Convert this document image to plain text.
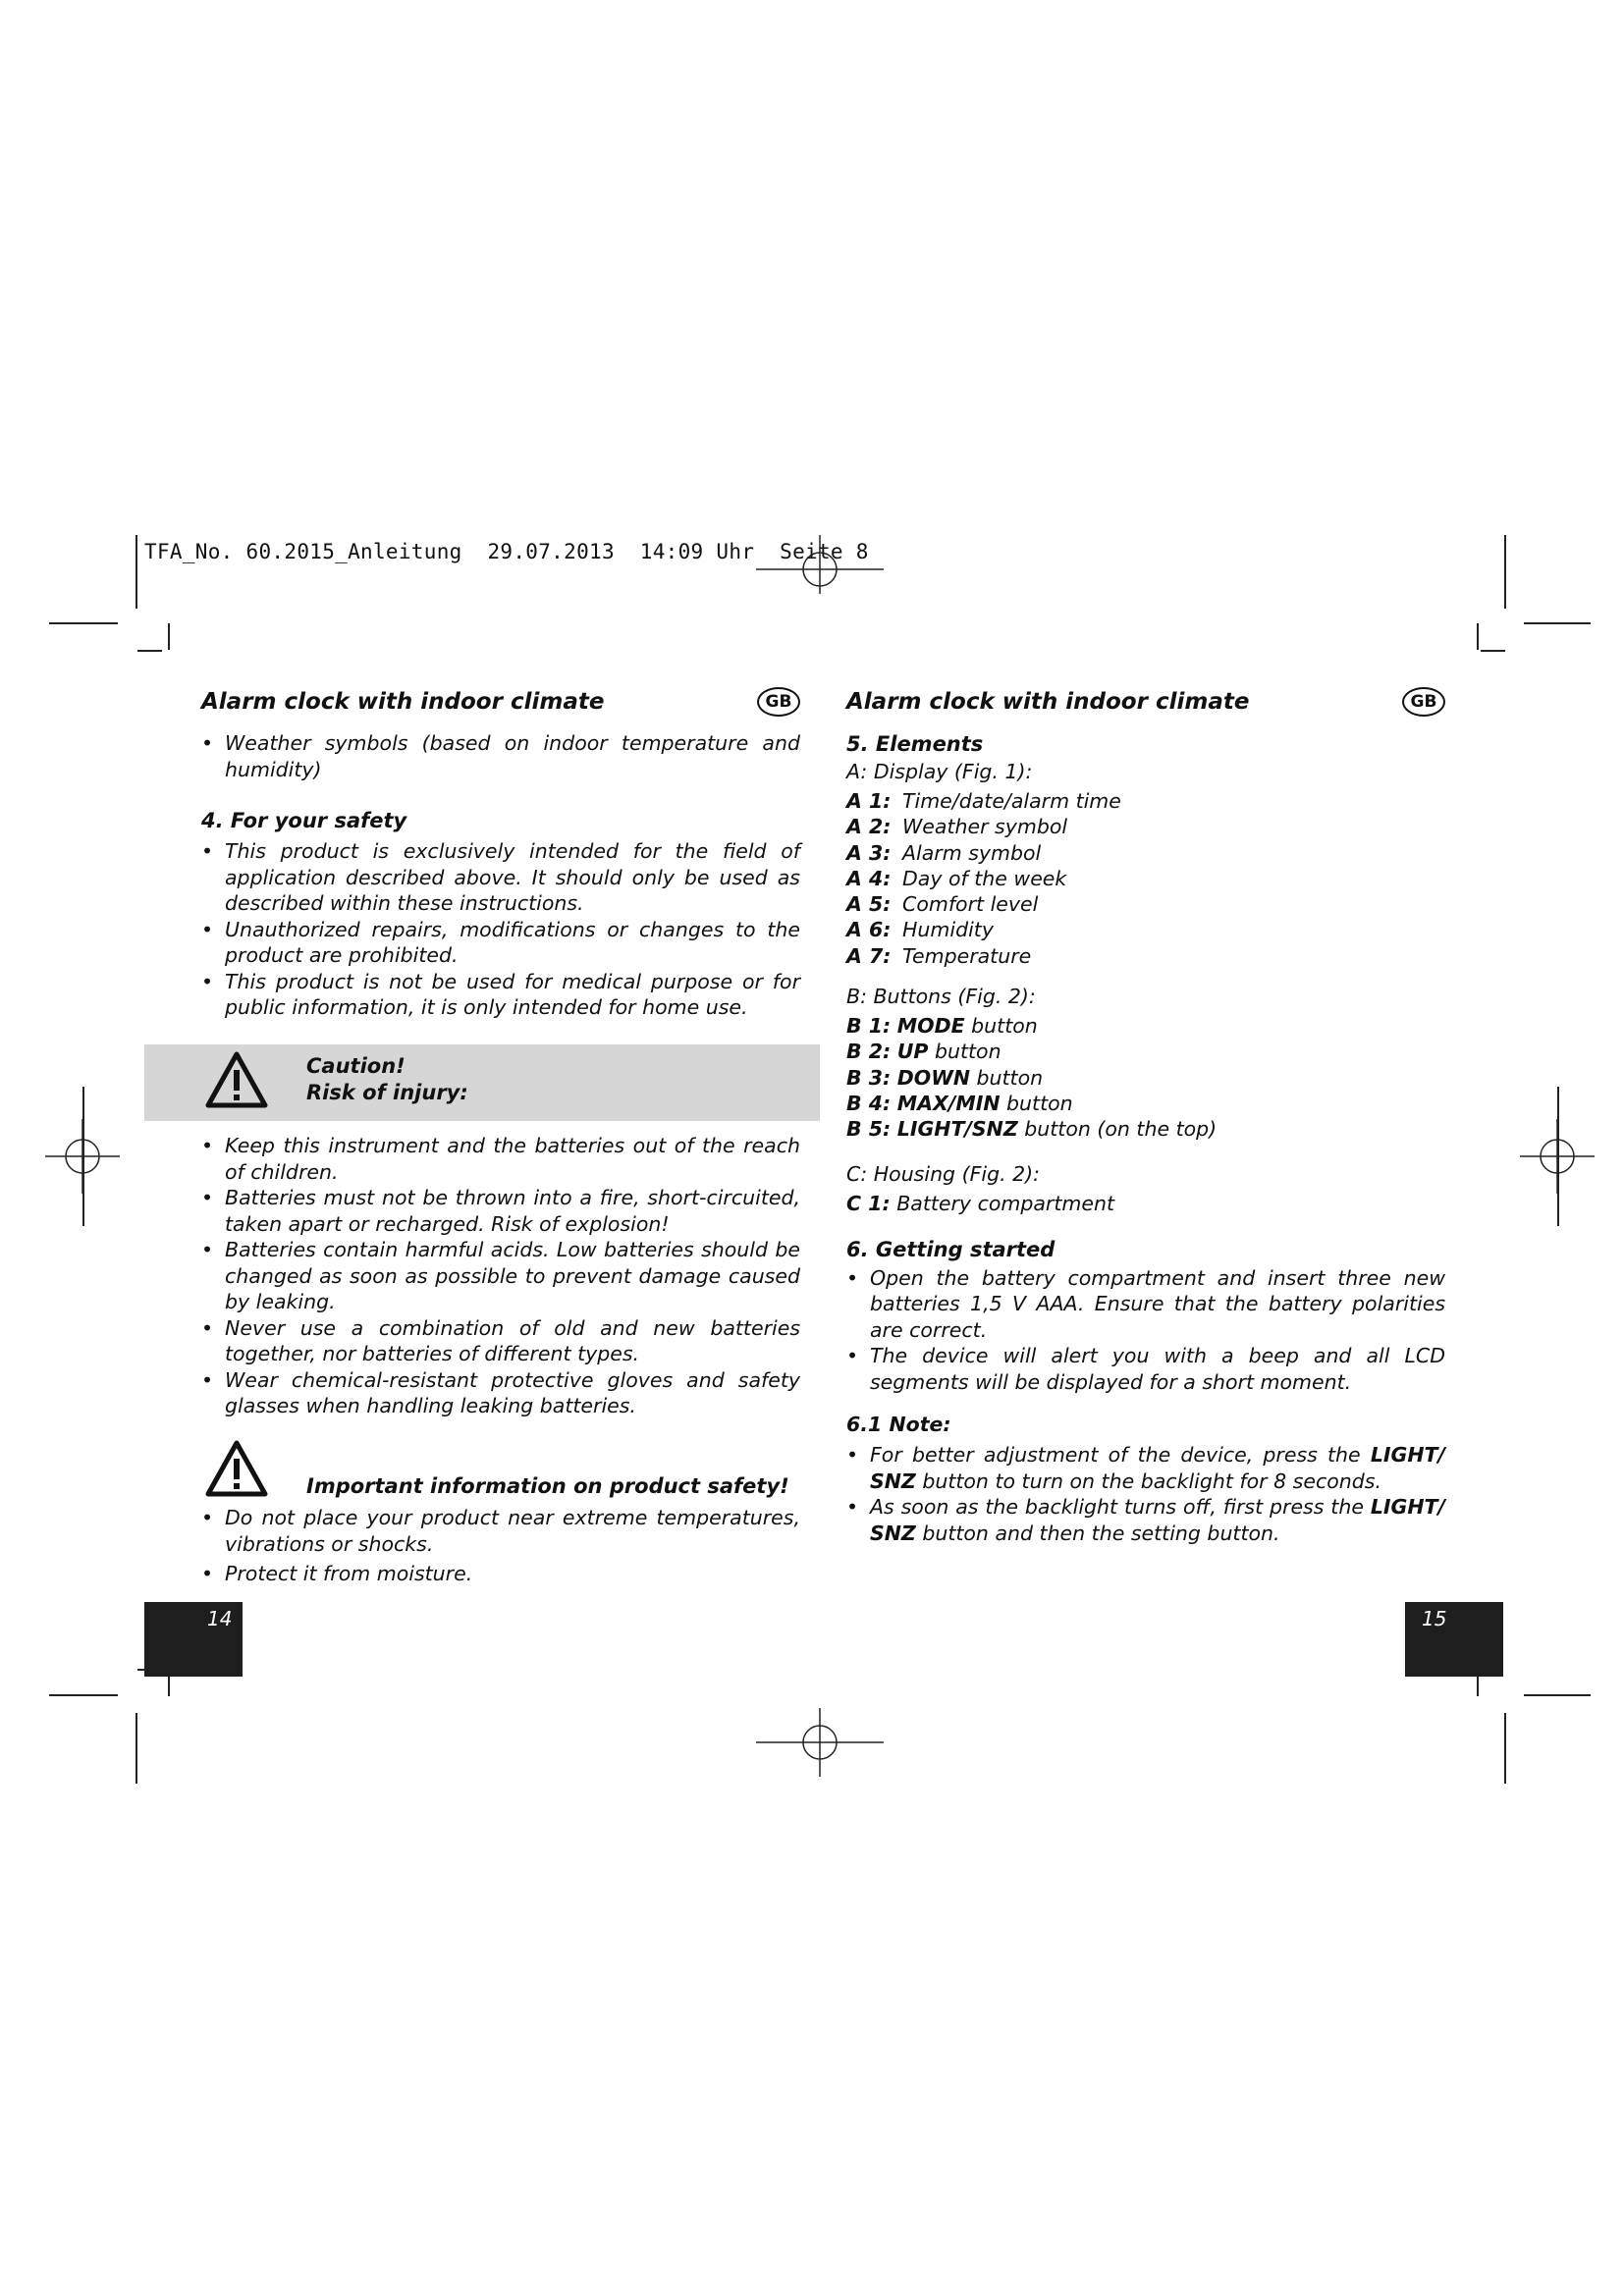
TFA_No. 60.2015_Anleitung  29.07.2013  14:09 Uhr  Seite 8
Alarm clock with indoor climate	GB
• Weather symbols (based on indoor temperature and humidity)
4. For your safety
• This product is exclusively intended for the field of application described above. It should only be used as described within these instructions.
• Unauthorized repairs, modifications or changes to the product are prohibited.
• This product is not be used for medical purpose or for public information, it is only intended for home use.
Caution!
Risk of injury:
• Keep this instrument and the batteries out of the reach of children.
• Batteries must not be thrown into a fire, short-circuited, taken apart or recharged. Risk of explosion!
• Batteries contain harmful acids. Low batteries should be changed as soon as possible to prevent damage caused by leaking.
• Never use a combination of old and new batteries together, nor batteries of different types.
• Wear chemical-resistant protective gloves and safety glasses when handling leaking batteries.
Important information on product safety!
• Do not place your product near extreme temperatures, vibrations or shocks.
• Protect it from moisture.
14
Alarm clock with indoor climate	GB
5. Elements
A: Display (Fig. 1):
A 1: Time/date/alarm time
A 2: Weather symbol
A 3: Alarm symbol
A 4: Day of the week
A 5: Comfort level
A 6: Humidity
A 7: Temperature
B: Buttons (Fig. 2):
B 1: MODE button
B 2: UP button
B 3: DOWN button
B 4: MAX/MIN button
B 5: LIGHT/SNZ button (on the top)
C: Housing (Fig. 2):
C 1: Battery compartment
6. Getting started
• Open the battery compartment and insert three new batteries 1,5 V AAA. Ensure that the battery polarities are correct.
• The device will alert you with a beep and all LCD segments will be displayed for a short moment.
6.1 Note:
• For better adjustment of the device, press the LIGHT/ SNZ button to turn on the backlight for 8 seconds.
• As soon as the backlight turns off, first press the LIGHT/ SNZ button and then the setting button.
15
